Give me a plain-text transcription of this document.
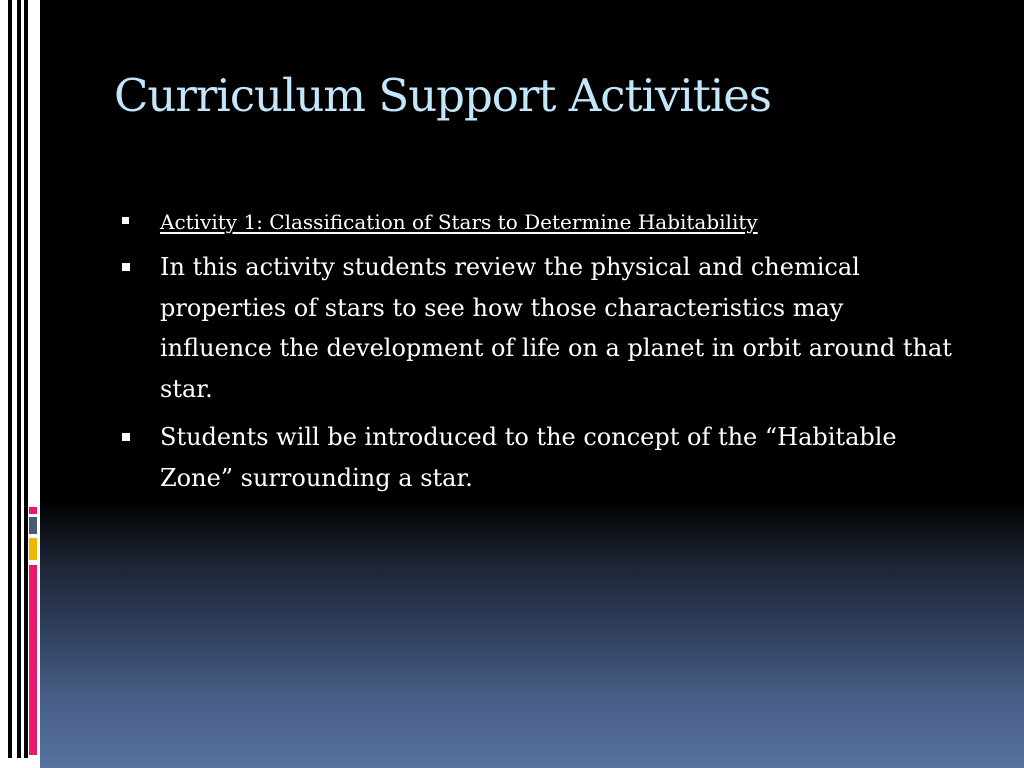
Curriculum Support Activities
Activity 1: Classification of Stars to Determine Habitability
In this activity students review the physical and chemical properties of stars to see how those characteristics may influence the development of life on a planet in orbit around that star.
Students will be introduced to the concept of the “Habitable Zone” surrounding a star.
